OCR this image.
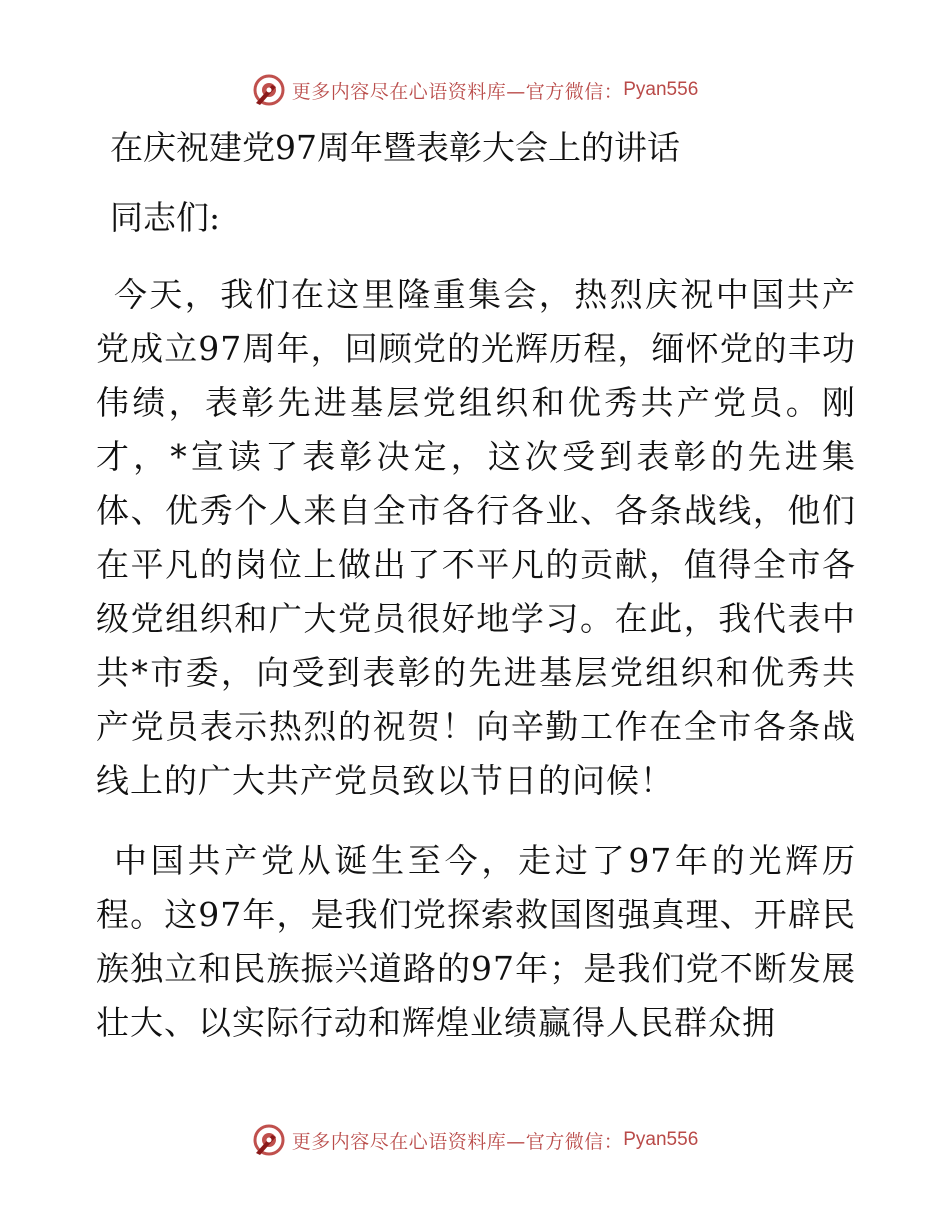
更多内容尽在心语资料库—官方微信： Pyan556
在庆祝建党97周年暨表彰大会上的讲话

同志们:

今天，我们在这里隆重集会，热烈庆祝中国共产党成立97周年，回顾党的光辉历程，缅怀党的丰功伟绩，表彰先进基层党组织和优秀共产党员。刚才，*宣读了表彰决定，这次受到表彰的先进集体、优秀个人来自全市各行各业、各条战线，他们在平凡的岗位上做出了不平凡的贡献，值得全市各级党组织和广大党员很好地学习。在此，我代表中共*市委，向受到表彰的先进基层党组织和优秀共产党员表示热烈的祝贺！向辛勤工作在全市各条战线上的广大共产党员致以节日的问候！

中国共产党从诞生至今，走过了97年的光辉历程。这97年，是我们党探索救国图强真理、开辟民族独立和民族振兴道路的97年；是我们党不断发展壮大、以实际行动和辉煌业绩赢得人民群众拥

更多内容尽在心语资料库—官方微信： Pyan556
